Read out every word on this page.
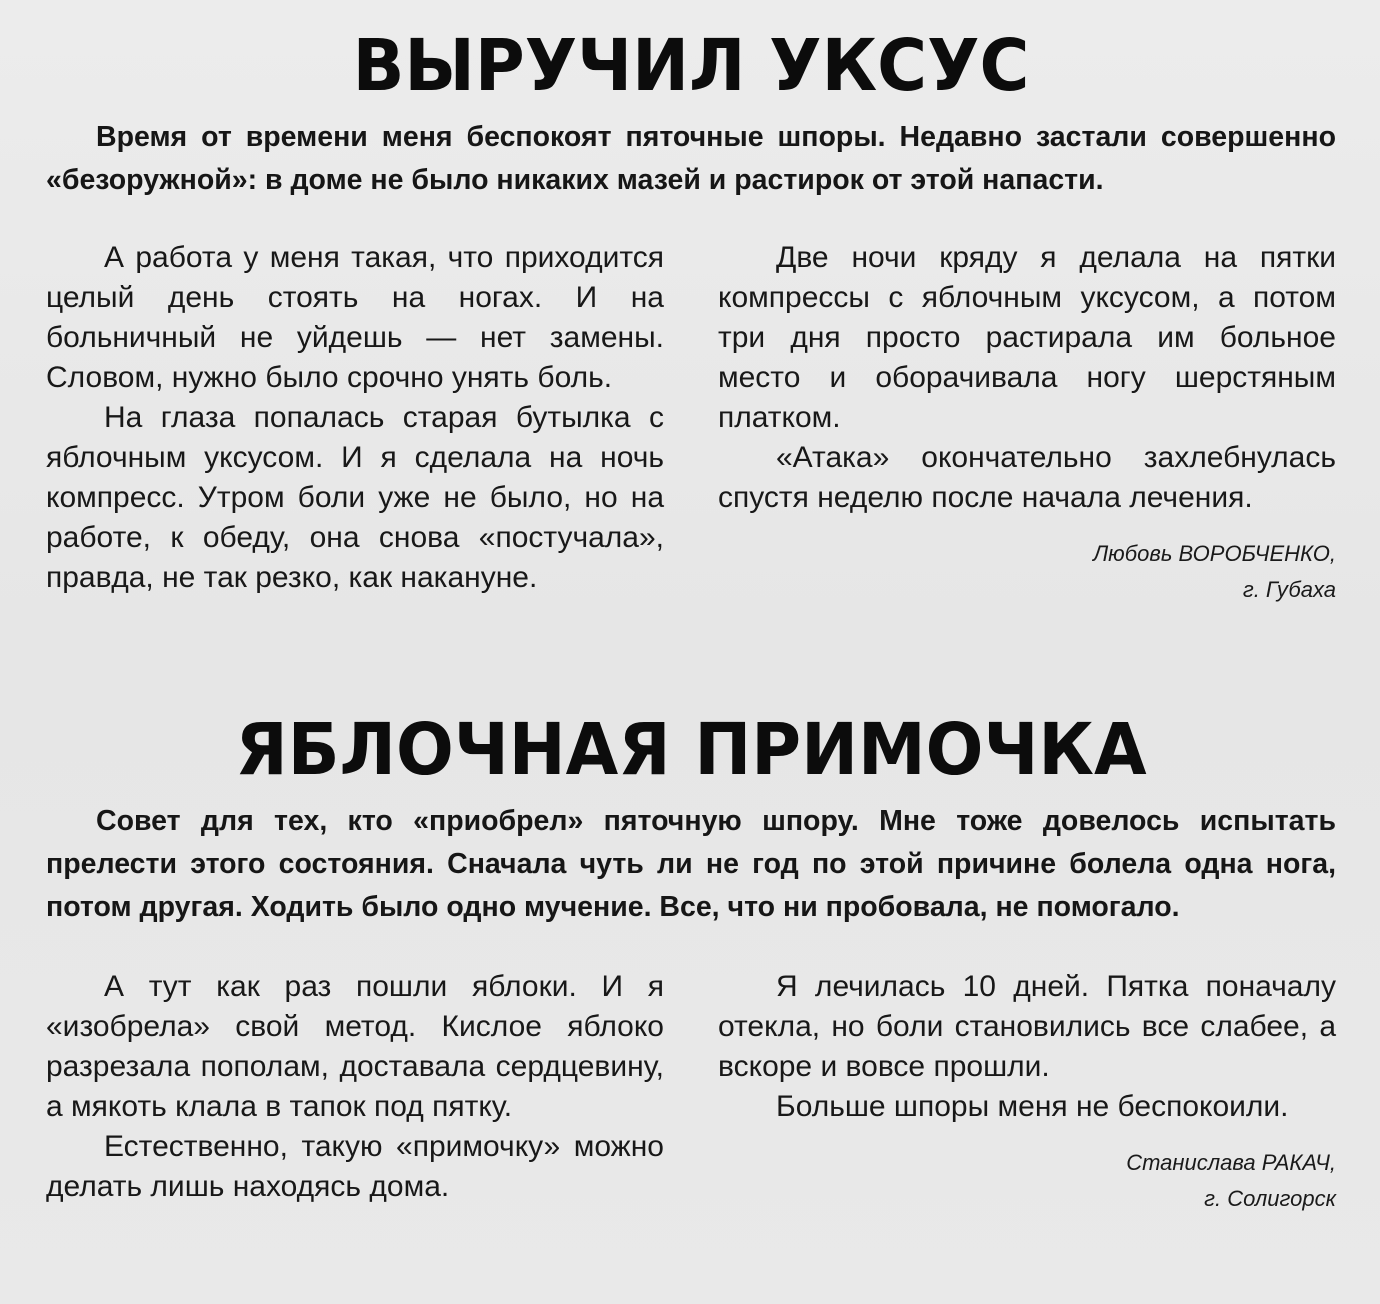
ВЫРУЧИЛ УКСУС

Время от времени меня беспокоят пяточные шпоры. Недавно застали совершенно «безоружной»: в доме не было никаких мазей и растирок от этой напасти.

А работа у меня такая, что приходится целый день стоять на ногах. И на больничный не уйдешь — нет замены. Словом, нужно было срочно унять боль.

На глаза попалась старая бутылка с яблочным уксусом. И я сделала на ночь компресс. Утром боли уже не было, но на работе, к обеду, она снова «постучала», правда, не так резко, как накануне.

Две ночи кряду я делала на пятки компрессы с яблочным уксусом, а потом три дня просто растирала им больное место и оборачивала ногу шерстяным платком.

«Атака» окончательно захлебнулась спустя неделю после начала лечения.

Любовь ВОРОБЧЕНКО,
г. Губаха
ЯБЛОЧНАЯ ПРИМОЧКА

Совет для тех, кто «приобрел» пяточную шпору. Мне тоже довелось испытать прелести этого состояния. Сначала чуть ли не год по этой причине болела одна нога, потом другая. Ходить было одно мучение. Все, что ни пробовала, не помогало.

А тут как раз пошли яблоки. И я «изобрела» свой метод. Кислое яблоко разрезала пополам, доставала сердцевину, а мякоть клала в тапок под пятку.

Естественно, такую «примочку» можно делать лишь находясь дома.

Я лечилась 10 дней. Пятка поначалу отекла, но боли становились все слабее, а вскоре и вовсе прошли.

Больше шпоры меня не беспокоили.

Станислава РАКАЧ,
г. Солигорск
